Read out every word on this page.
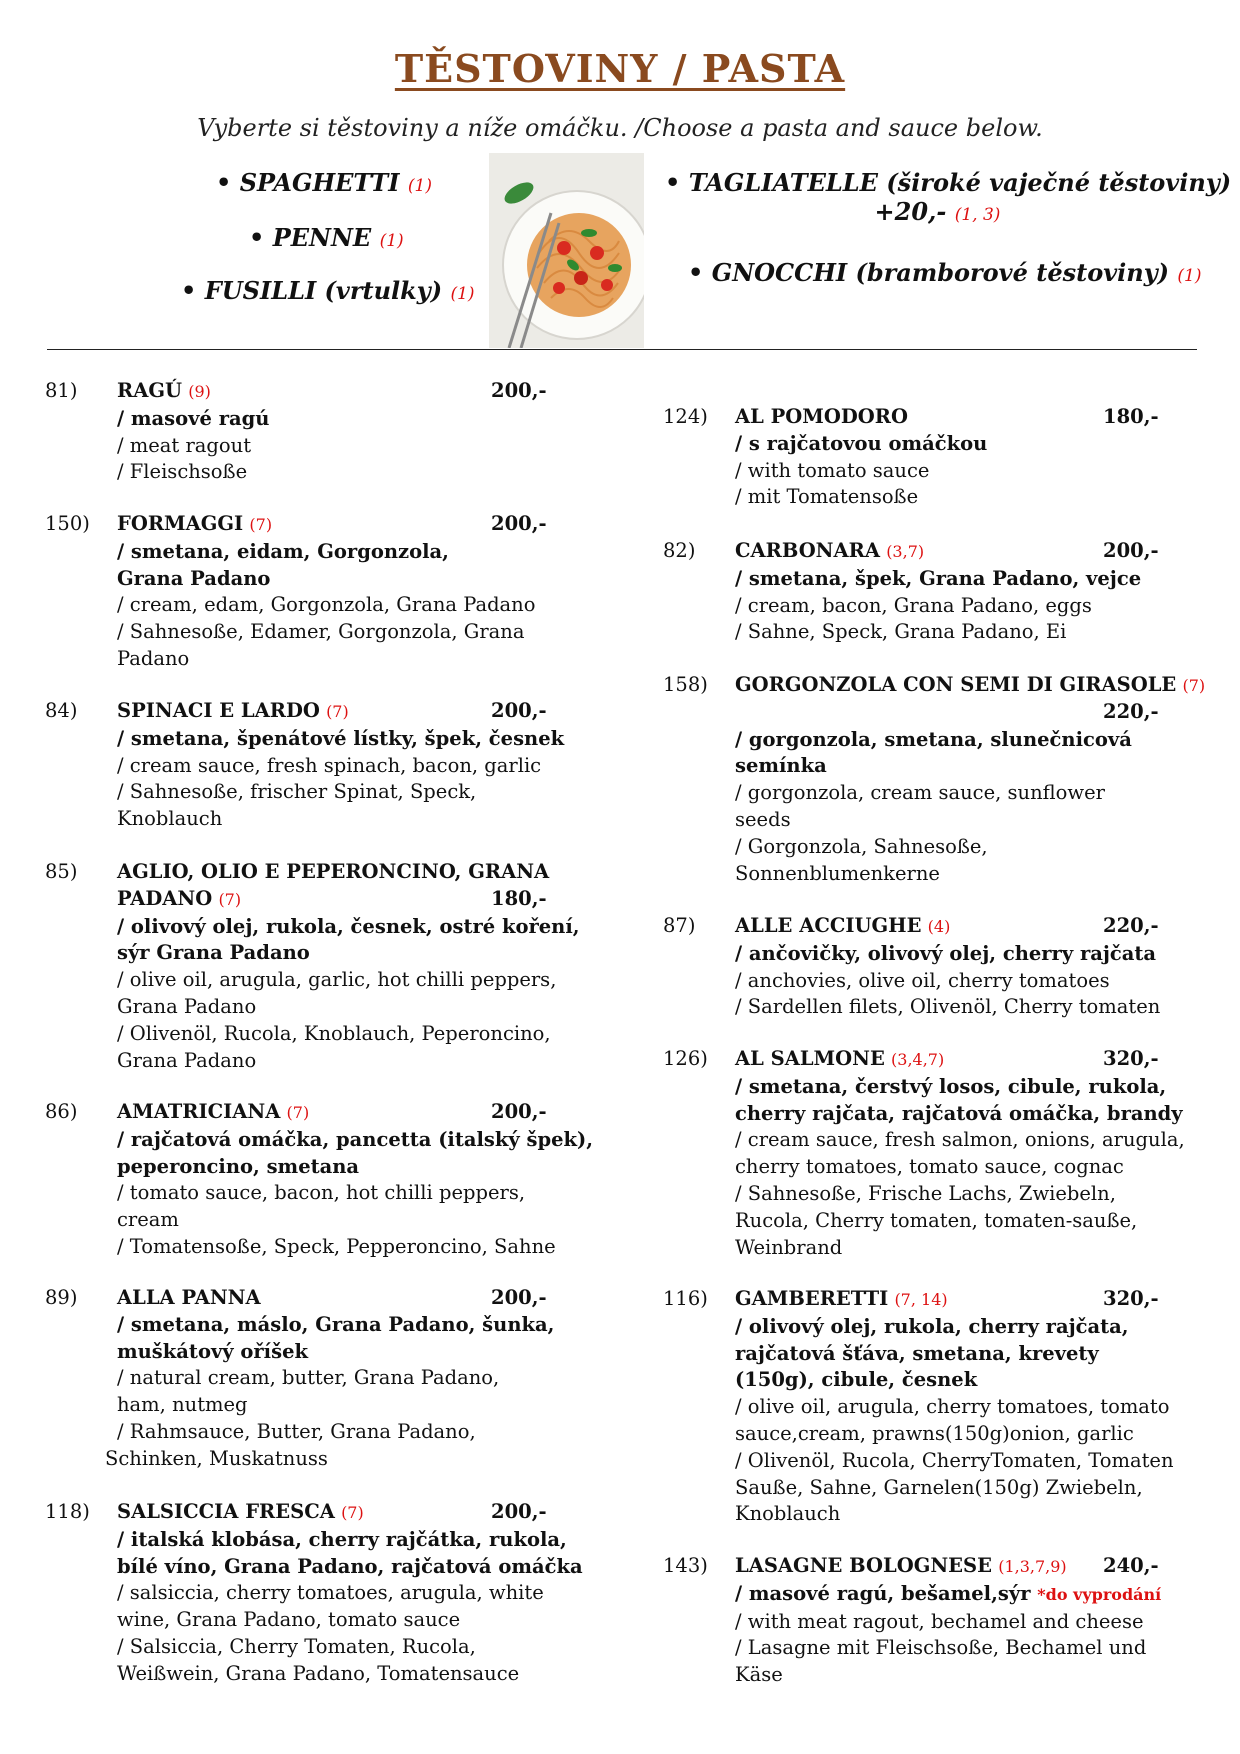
TĚSTOVINY / PASTA
Vyberte si těstoviny a níže omáčku. /Choose a pasta and sauce below.
• SPAGHETTI (1)
• PENNE (1)
• FUSILLI (vrtulky) (1)
• TAGLIATELLE (široké vaječné těstoviny)
+20,- (1, 3)
• GNOCCHI (bramborové těstoviny) (1)
81) RAGÚ (9)
/ masové ragú
/ meat ragout
/ Fleischsoße
200,-
150) FORMAGGI (7)
/ smetana, eidam, Gorgonzola,
Grana Padano
/ cream, edam, Gorgonzola, Grana Padano
/ Sahnesoße, Edamer, Gorgonzola, Grana
Padano
200,-
84) SPINACI E LARDO (7)
/ smetana, špenátové lístky, špek, česnek
/ cream sauce, fresh spinach, bacon, garlic
/ Sahnesoße, frischer Spinat, Speck,
Knoblauch
200,-
85) AGLIO, OLIO E PEPERONCINO, GRANA
PADANO (7)
/ olivový olej, rukola, česnek, ostré koření,
sýr Grana Padano
/ olive oil, arugula, garlic, hot chilli peppers,
Grana Padano
/ Olivenöl, Rucola, Knoblauch, Peperoncino,
Grana Padano
180,-
86) AMATRICIANA (7)
/ rajčatová omáčka, pancetta (italský špek),
peperoncino, smetana
/ tomato sauce, bacon, hot chilli peppers,
cream
/ Tomatensoße, Speck, Pepperoncino, Sahne
200,-
89) ALLA PANNA
/ smetana, máslo, Grana Padano, šunka,
muškátový oříšek
/ natural cream, butter, Grana Padano,
ham, nutmeg
/ Rahmsauce, Butter, Grana Padano,
Schinken, Muskatnuss
200,-
118) SALSICCIA FRESCA (7)
/ italská klobása, cherry rajčátka, rukola,
bílé víno, Grana Padano, rajčatová omáčka
/ salsiccia, cherry tomatoes, arugula, white
wine, Grana Padano, tomato sauce
/ Salsiccia, Cherry Tomaten, Rucola,
Weißwein, Grana Padano, Tomatensauce
200,-
124) AL POMODORO
/ s rajčatovou omáčkou
/ with tomato sauce
/ mit Tomatensoße
180,-
82) CARBONARA (3,7)
/ smetana, špek, Grana Padano, vejce
/ cream, bacon, Grana Padano, eggs
/ Sahne, Speck, Grana Padano, Ei
200,-
158) GORGONZOLA CON SEMI DI GIRASOLE (7)

/ gorgonzola, smetana, slunečnicová
semínka
/ gorgonzola, cream sauce, sunflower
seeds
/ Gorgonzola, Sahnesoße,
Sonnenblumenkerne
220,-
87) ALLE ACCIUGHE (4)
/ ančovičky, olivový olej, cherry rajčata
/ anchovies, olive oil, cherry tomatoes
/ Sardellen filets, Olivenöl, Cherry tomaten
220,-
126) AL SALMONE (3,4,7)
/ smetana, čerstvý losos, cibule, rukola,
cherry rajčata, rajčatová omáčka, brandy
/ cream sauce, fresh salmon, onions, arugula,
cherry tomatoes, tomato sauce, cognac
/ Sahnesoße, Frische Lachs, Zwiebeln,
Rucola, Cherry tomaten, tomaten-saußе,
Weinbrand
320,-
116) GAMBERETTI (7, 14)
/ olivový olej, rukola, cherry rajčata,
rajčatová šťáva, smetana, krevety
(150g), cibule, česnek
/ olive oil, arugula, cherry tomatoes, tomato
sauce,cream, prawns(150g)onion, garlic
/ Olivenöl, Rucola, CherryTomaten, Tomaten
Saußе, Sahne, Garnelen(150g) Zwiebeln,
Knoblauch
320,-
143) LASAGNE BOLOGNESE (1,3,7,9)
/ masové ragú, bešamel,sýr *do vyprodání
/ with meat ragout, bechamel and cheese
/ Lasagne mit Fleischsoße, Bechamel und
Käse
240,-
